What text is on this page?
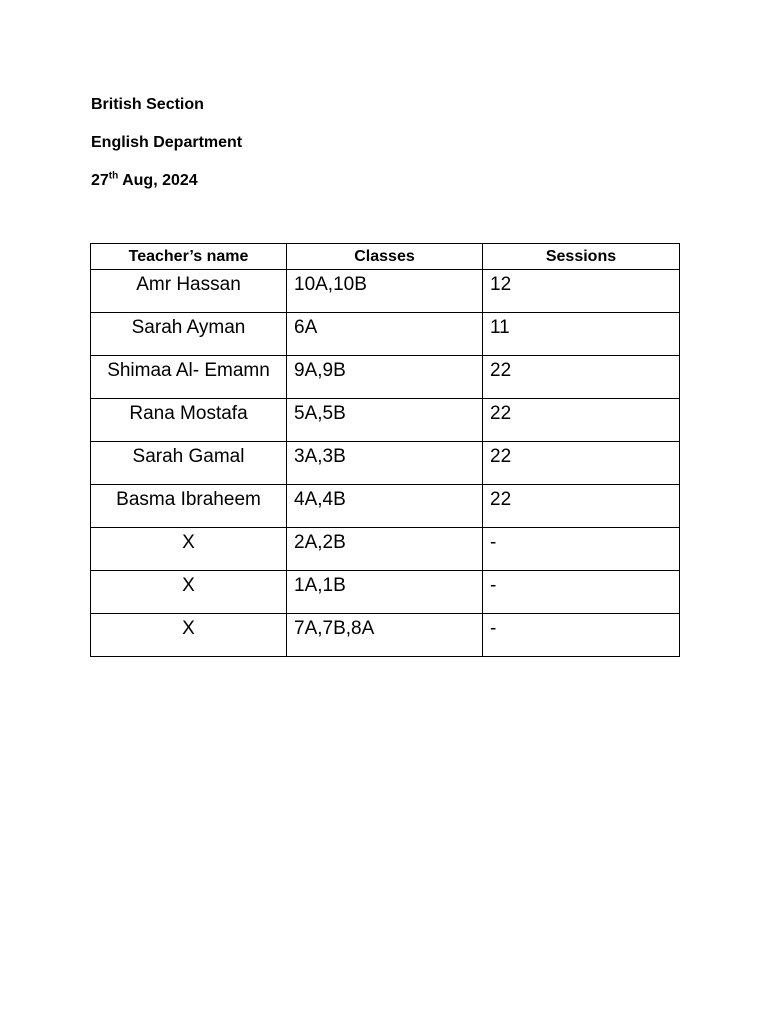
British Section
English Department
27th Aug, 2024
Teacher’s name	Classes	Sessions
Amr Hassan	10A,10B	12
Sarah Ayman	6A	11
Shimaa Al- Emamn	9A,9B	22
Rana Mostafa	5A,5B	22
Sarah Gamal	3A,3B	22
Basma Ibraheem	4A,4B	22
X	2A,2B	-
X	1A,1B	-
X	7A,7B,8A	-
